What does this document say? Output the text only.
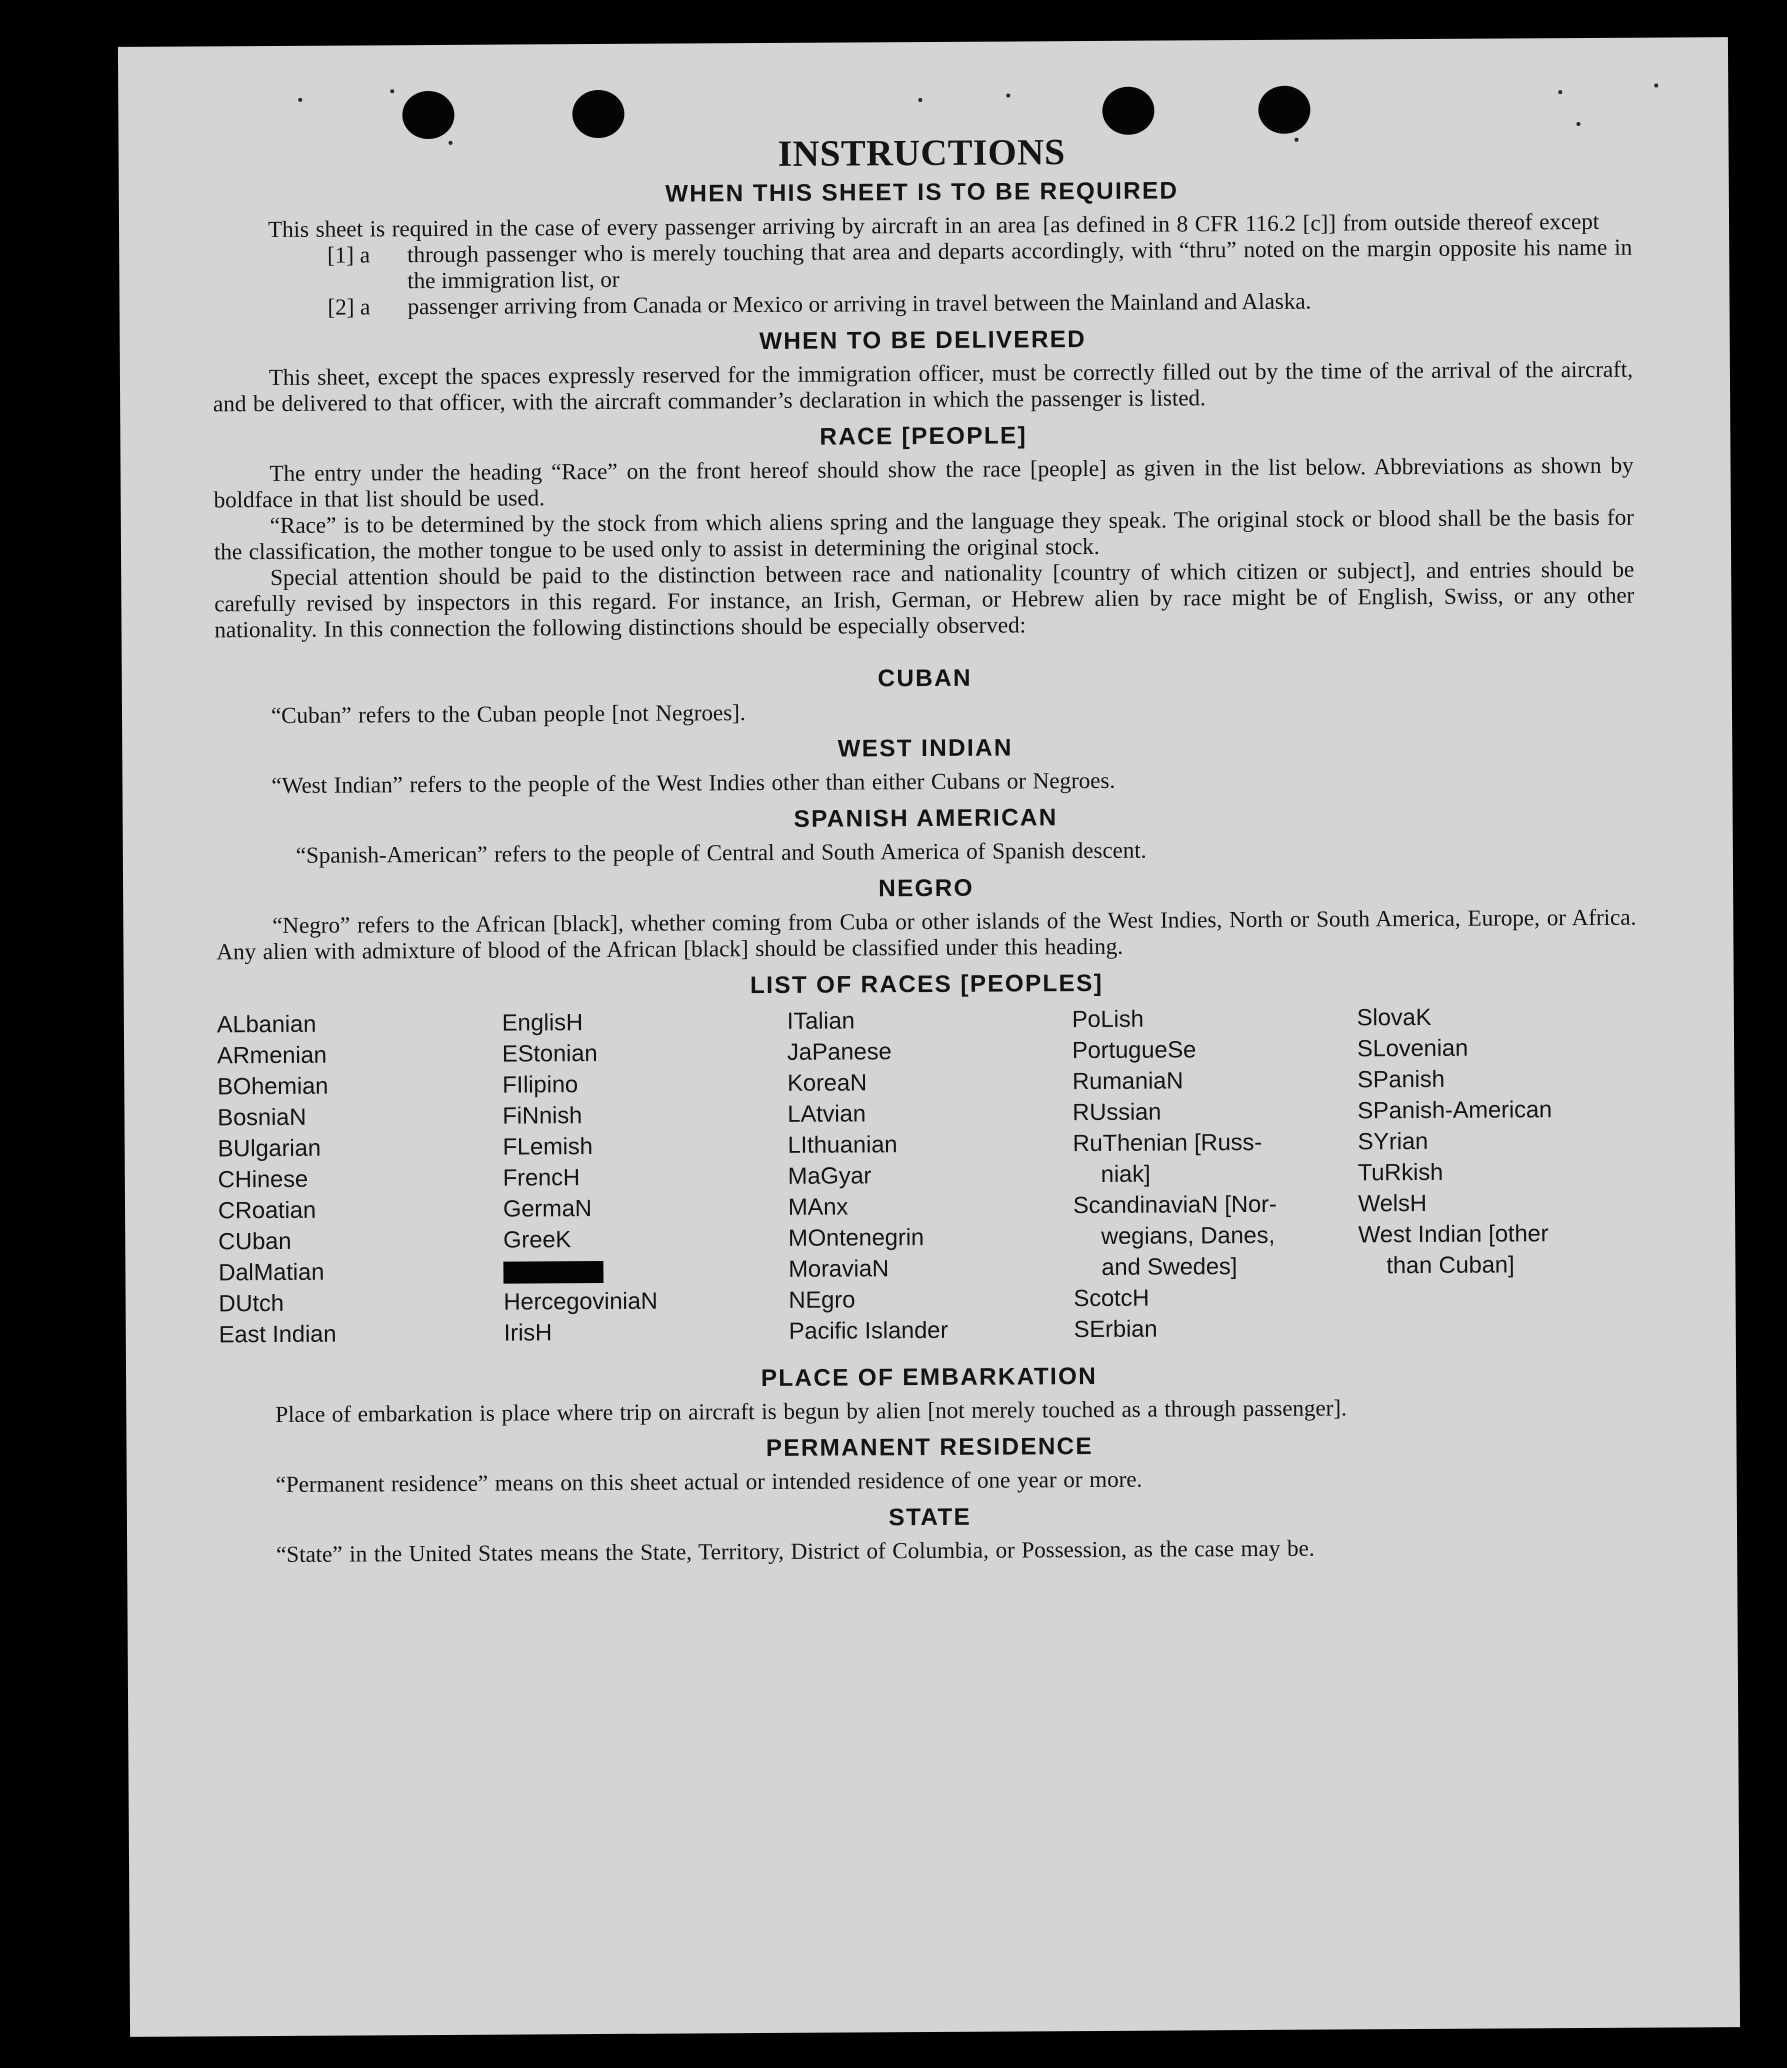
INSTRUCTIONS
WHEN THIS SHEET IS TO BE REQUIRED

This sheet is required in the case of every passenger arriving by aircraft in an area [as defined in 8 CFR 116.2 [c]] from outside thereof except

[1] a	through passenger who is merely touching that area and departs accordingly, with “thru” noted on the margin opposite his name in the immigration list, or
[2] a	passenger arriving from Canada or Mexico or arriving in travel between the Mainland and Alaska.
WHEN TO BE DELIVERED

This sheet, except the spaces expressly reserved for the immigration officer, must be correctly filled out by the time of the arrival of the aircraft, and be delivered to that officer, with the aircraft commander’s declaration in which the passenger is listed.

RACE [PEOPLE]

The entry under the heading “Race” on the front hereof should show the race [people] as given in the list below. Abbreviations as shown by boldface in that list should be used.

“Race” is to be determined by the stock from which aliens spring and the language they speak. The original stock or blood shall be the basis for the classification, the mother tongue to be used only to assist in determining the original stock.

Special attention should be paid to the distinction between race and nationality [country of which citizen or subject], and entries should be carefully revised by inspectors in this regard. For instance, an Irish, German, or Hebrew alien by race might be of English, Swiss, or any other nationality. In this connection the following distinctions should be especially observed:

CUBAN

“Cuban” refers to the Cuban people [not Negroes].

WEST INDIAN

“West Indian” refers to the people of the West Indies other than either Cubans or Negroes.

SPANISH AMERICAN

“Spanish-American” refers to the people of Central and South America of Spanish descent.

NEGRO

“Negro” refers to the African [black], whether coming from Cuba or other islands of the West Indies, North or South America, Europe, or Africa. Any alien with admixture of blood of the African [black] should be classified under this heading.

LIST OF RACES [PEOPLES]
ALbanian
ARmenian
BOhemian
BosniaN
BUlgarian
CHinese
CRoatian
CUban
DalMatian
DUtch
East Indian
EnglisH
EStonian
FIlipino
FiNnish
FLemish
FrencH
GermaN
GreeK
HercegoviniaN
IrisH
ITalian
JaPanese
KoreaN
LAtvian
LIthuanian
MaGyar
MAnx
MOntenegrin
MoraviaN
NEgro
Pacific Islander
PoLish
PortugueSe
RumaniaN
RUssian
RuThenian [Russ-
niak]
ScandinaviaN [Nor-
wegians, Danes,
and Swedes]
ScotcH
SErbian
SlovaK
SLovenian
SPanish
SPanish-American
SYrian
TuRkish
WelsH
West Indian [other
than Cuban]
PLACE OF EMBARKATION

Place of embarkation is place where trip on aircraft is begun by alien [not merely touched as a through passenger].

PERMANENT RESIDENCE

“Permanent residence” means on this sheet actual or intended residence of one year or more.

STATE

“State” in the United States means the State, Territory, District of Columbia, or Possession, as the case may be.
